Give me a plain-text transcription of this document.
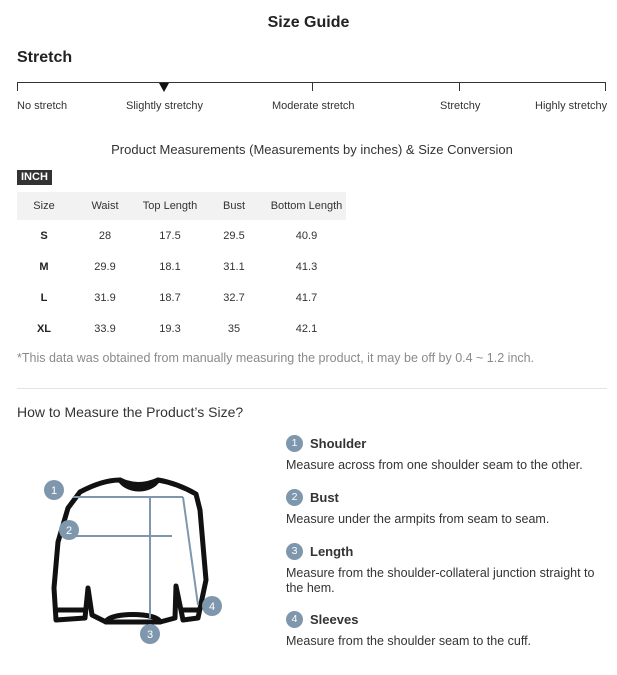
Size Guide
Stretch
No stretch	Slightly stretchy	Moderate stretch	Stretchy	Highly stretchy
Product Measurements (Measurements by inches) & Size Conversion
INCH
Size	Waist	Top Length	Bust	Bottom Length
S	28	17.5	29.5	40.9
M	29.9	18.1	31.1	41.3
L	31.9	18.7	32.7	41.7
XL	33.9	19.3	35	42.1
*This data was obtained from manually measuring the product, it may be off by 0.4 ~ 1.2 inch.
How to Measure the Product’s Size?
1
2
3
4
1 Shoulder
Measure across from one shoulder seam to the other.
2 Bust
Measure under the armpits from seam to seam.
3 Length
Measure from the shoulder-collateral junction straight to the hem.
4 Sleeves
Measure from the shoulder seam to the cuff.
